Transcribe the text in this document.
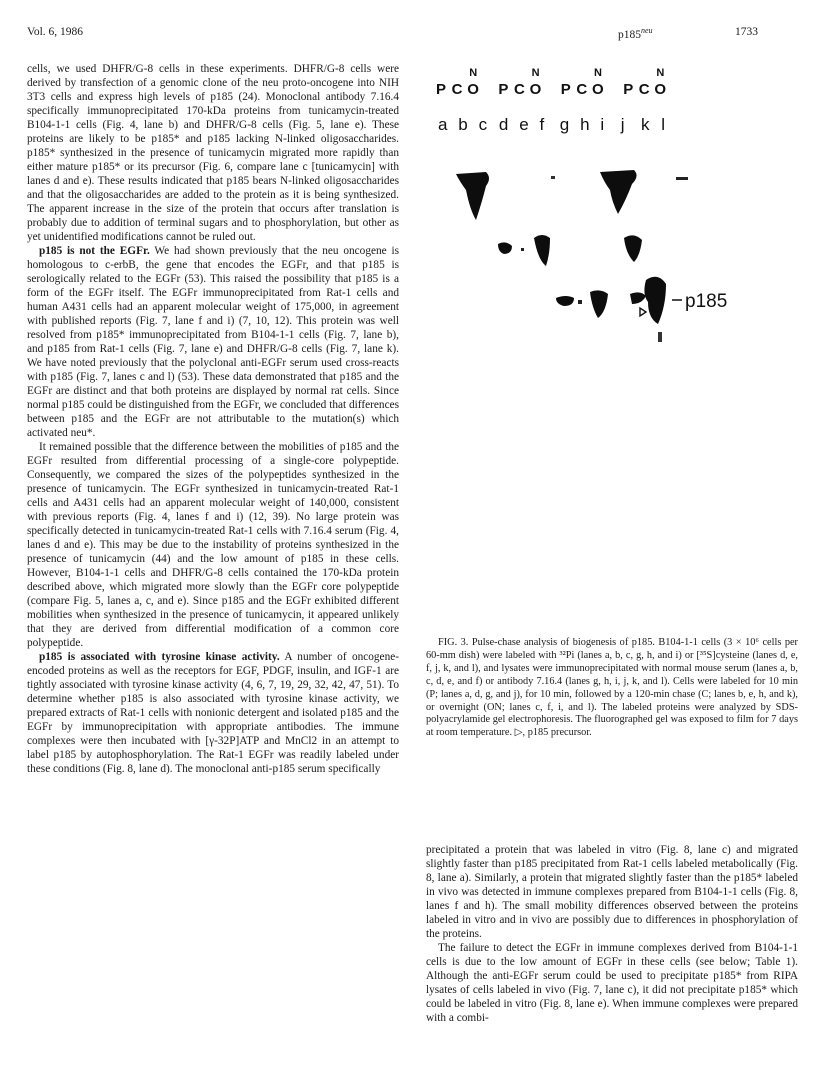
Vol. 6, 1986	$p185^{neu}$	1733

cells, we used DHFR/G-8 cells in these experiments. DHFR/G-8 cells were derived by transfection of a genomic clone of the neu proto-oncogene into NIH 3T3 cells and express high levels of p185 (24). Monoclonal antibody 7.16.4 specifically immunoprecipitated 170-kDa proteins from tunicamycin-treated B104-1-1 cells (Fig. 4, lane b) and DHFR/G-8 cells (Fig. 5, lane e). These proteins are likely to be p185* and p185 lacking N-linked oligosaccharides. p185* synthesized in the presence of tunicamycin migrated more rapidly than either mature p185* or its precursor (Fig. 6, compare lane c [tunicamycin] with lanes d and e). These results indicated that p185 bears N-linked oligosaccharides and that the oligosaccharides are added to the protein as it is being synthesized. The apparent increase in the size of the protein that occurs after translation is probably due to addition of terminal sugars and to phosphorylation, but other as yet unidentified modifications cannot be ruled out.

p185 is not the EGFr. We had shown previously that the neu oncogene is homologous to c-erbB, the gene that encodes the EGFr, and that p185 is serologically related to the EGFr (53). This raised the possibility that p185 is a form of the EGFr itself. The EGFr immunoprecipitated from Rat-1 cells and human A431 cells had an apparent molecular weight of 175,000, in agreement with published reports (Fig. 7, lane f and i) (7, 10, 12). This protein was well resolved from p185* immunoprecipitated from B104-1-1 cells (Fig. 7, lane b), and p185 from Rat-1 cells (Fig. 7, lane e) and DHFR/G-8 cells (Fig. 7, lane k). We have noted previously that the polyclonal anti-EGFr serum used cross-reacts with p185 (Fig. 7, lanes c and l) (53). These data demonstrated that p185 and the EGFr are distinct and that both proteins are displayed by normal rat cells. Since normal p185 could be distinguished from the EGFr, we concluded that differences between p185 and the EGFr are not attributable to the mutation(s) which activated neu*.

It remained possible that the difference between the mobilities of p185 and the EGFr resulted from differential processing of a single-core polypeptide. Consequently, we compared the sizes of the polypeptides synthesized in the presence of tunicamycin. The EGFr synthesized in tunicamycin-treated Rat-1 cells and A431 cells had an apparent molecular weight of 140,000, consistent with previous reports (Fig. 4, lanes f and i) (12, 39). No large protein was specifically detected in tunicamycin-treated Rat-1 cells with 7.16.4 serum (Fig. 4, lanes d and e). This may be due to the instability of proteins synthesized in the presence of tunicamycin (44) and the low amount of p185 in these cells. However, B104-1-1 cells and DHFR/G-8 cells contained the 170-kDa protein described above, which migrated more slowly than the EGFr core polypeptide (compare Fig. 5, lanes a, c, and e). Since p185 and the EGFr exhibited different mobilities when synthesized in the presence of tunicamycin, it appeared unlikely that they are derived from differential modification of a common core polypeptide.

p185 is associated with tyrosine kinase activity. A number of oncogene-encoded proteins as well as the receptors for EGF, PDGF, insulin, and IGF-1 are tightly associated with tyrosine kinase activity (4, 6, 7, 19, 29, 32, 42, 47, 51). To determine whether p185 is also associated with tyrosine kinase activity, we prepared extracts of Rat-1 cells with nonionic detergent and isolated p185 and the EGFr by immunoprecipitation with appropriate antibodies. The immune complexes were then incubated with [γ-32P]ATP and MnCl2 in an attempt to label p185 by autophosphorylation. The Rat-1 EGFr was readily labeled under these conditions (Fig. 8, lane d). The monoclonal anti-p185 serum specifically

P C O
N
P C O
N
P C O
N
P C O
N
a b c d e f g h i j k l
p185

FIG. 3. Pulse-chase analysis of biogenesis of p185. B104-1-1 cells (3 × 10⁶ cells per 60-mm dish) were labeled with ³²Pi (lanes a, b, c, g, h, and i) or [³⁵S]cysteine (lanes d, e, f, j, k, and l), and lysates were immunoprecipitated with normal mouse serum (lanes a, b, c, d, e, and f) or antibody 7.16.4 (lanes g, h, i, j, k, and l). Cells were labeled for 10 min (P; lanes a, d, g, and j), for 10 min, followed by a 120-min chase (C; lanes b, e, h, and k), or overnight (ON; lanes c, f, i, and l). The labeled proteins were analyzed by SDS-polyacrylamide gel electrophoresis. The fluorographed gel was exposed to film for 7 days at room temperature. ▷, p185 precursor.

precipitated a protein that was labeled in vitro (Fig. 8, lane c) and migrated slightly faster than p185 precipitated from Rat-1 cells labeled metabolically (Fig. 8, lane a). Similarly, a protein that migrated slightly faster than the p185* labeled in vivo was detected in immune complexes prepared from B104-1-1 cells (Fig. 8, lanes f and h). The small mobility differences observed between the proteins labeled in vitro and in vivo are possibly due to differences in phosphorylation of the proteins.

The failure to detect the EGFr in immune complexes derived from B104-1-1 cells is due to the low amount of EGFr in these cells (see below; Table 1). Although the anti-EGFr serum could be used to precipitate p185* from RIPA lysates of cells labeled in vivo (Fig. 7, lane c), it did not precipitate p185* which could be labeled in vitro (Fig. 8, lane e). When immune complexes were prepared with a combi-
